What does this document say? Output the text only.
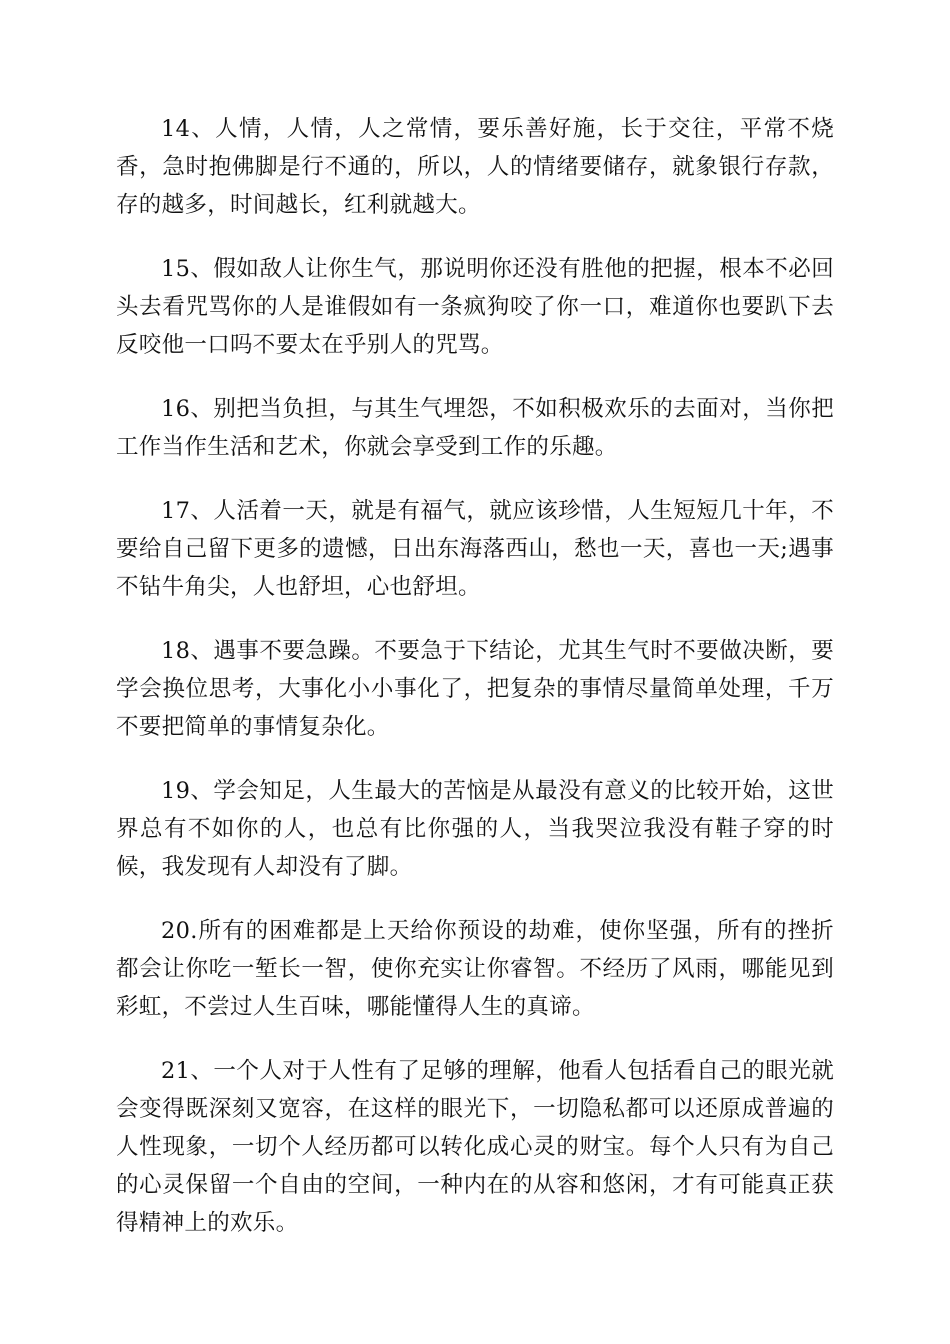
14、人情，人情，人之常情，要乐善好施，长于交往，平常不烧香，急时抱佛脚是行不通的，所以，人的情绪要储存，就象银行存款，存的越多，时间越长，红利就越大。

15、假如敌人让你生气，那说明你还没有胜他的把握，根本不必回头去看咒骂你的人是谁假如有一条疯狗咬了你一口，难道你也要趴下去反咬他一口吗不要太在乎别人的咒骂。

16、别把当负担，与其生气埋怨，不如积极欢乐的去面对，当你把工作当作生活和艺术，你就会享受到工作的乐趣。

17、人活着一天，就是有福气，就应该珍惜，人生短短几十年，不要给自己留下更多的遗憾，日出东海落西山，愁也一天，喜也一天;遇事不钻牛角尖，人也舒坦，心也舒坦。

18、遇事不要急躁。不要急于下结论，尤其生气时不要做决断，要学会换位思考，大事化小小事化了，把复杂的事情尽量简单处理，千万不要把简单的事情复杂化。

19、学会知足，人生最大的苦恼是从最没有意义的比较开始，这世界总有不如你的人，也总有比你强的人，当我哭泣我没有鞋子穿的时候，我发现有人却没有了脚。

20.所有的困难都是上天给你预设的劫难，使你坚强，所有的挫折都会让你吃一堑长一智，使你充实让你睿智。不经历了风雨，哪能见到彩虹，不尝过人生百味，哪能懂得人生的真谛。

21、一个人对于人性有了足够的理解，他看人包括看自己的眼光就会变得既深刻又宽容，在这样的眼光下，一切隐私都可以还原成普遍的人性现象，一切个人经历都可以转化成心灵的财宝。每个人只有为自己的心灵保留一个自由的空间，一种内在的从容和悠闲，才有可能真正获得精神上的欢乐。
